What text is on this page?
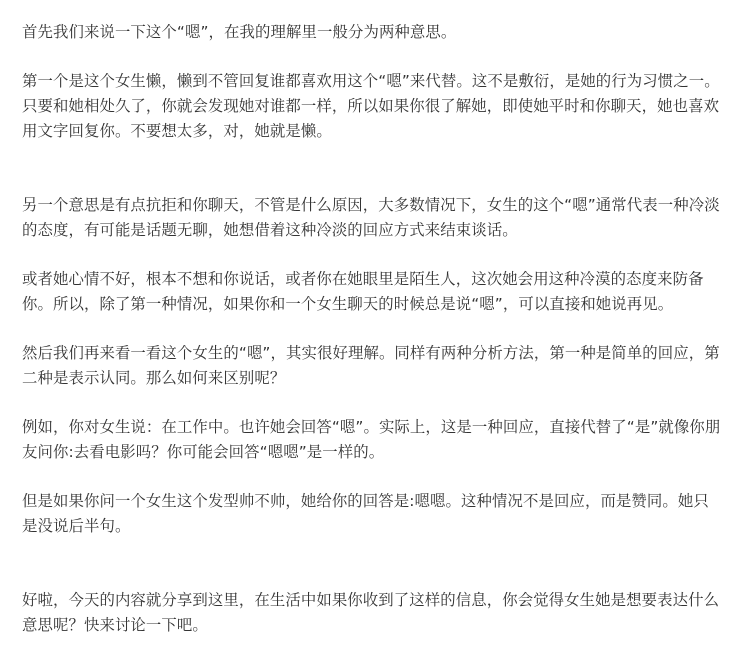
首先我们来说一下这个“嗯”，在我的理解里一般分为两种意思。

第一个是这个女生懒，懒到不管回复谁都喜欢用这个“嗯”来代替。这不是敷衍，是她的行为习惯之一。只要和她相处久了，你就会发现她对谁都一样，所以如果你很了解她，即使她平时和你聊天，她也喜欢用文字回复你。不要想太多，对，她就是懒。

另一个意思是有点抗拒和你聊天，不管是什么原因，大多数情况下，女生的这个“嗯”通常代表一种冷淡的态度，有可能是话题无聊，她想借着这种冷淡的回应方式来结束谈话。

或者她心情不好，根本不想和你说话，或者你在她眼里是陌生人，这次她会用这种冷漠的态度来防备你。所以，除了第一种情况，如果你和一个女生聊天的时候总是说“嗯”，可以直接和她说再见。

然后我们再来看一看这个女生的“嗯”，其实很好理解。同样有两种分析方法，第一种是简单的回应，第二种是表示认同。那么如何来区别呢？

例如，你对女生说：在工作中。也许她会回答“嗯”。实际上，这是一种回应，直接代替了“是”就像你朋友问你:去看电影吗？你可能会回答“嗯嗯”是一样的。

但是如果你问一个女生这个发型帅不帅，她给你的回答是:嗯嗯。这种情况不是回应，而是赞同。她只是没说后半句。

好啦，今天的内容就分享到这里，在生活中如果你收到了这样的信息，你会觉得女生她是想要表达什么意思呢？快来讨论一下吧。
